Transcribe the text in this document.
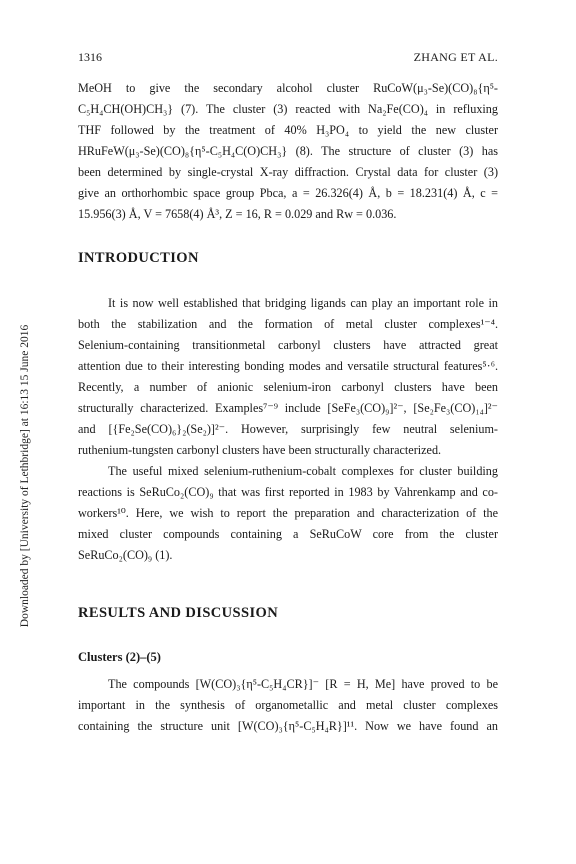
1316	ZHANG ET AL.
Downloaded by [University of Lethbridge] at 16:13 15 June 2016
MeOH to give the secondary alcohol cluster RuCoW(μ₃-Se)(CO)₈{η⁵-
C₅H₄CH(OH)CH₃} (7). The cluster (3) reacted with Na₂Fe(CO)₄ in refluxing
THF followed by the treatment of 40% H₃PO₄ to yield the new cluster
HRuFeW(μ₃-Se)(CO)₈{η⁵-C₅H₄C(O)CH₃} (8). The structure of cluster (3) has
been determined by single-crystal X-ray diffraction. Crystal data for cluster (3)
give an orthorhombic space group Pbca, a = 26.326(4) Å, b = 18.231(4) Å, c =
15.956(3) Å, V = 7658(4) Å³, Z = 16, R = 0.029 and Rw = 0.036.
INTRODUCTION
It is now well established that bridging ligands can play an important role in
both the stabilization and the formation of metal cluster complexes¹⁻⁴.
Selenium-containing transitionmetal carbonyl clusters have attracted great
attention due to their interesting bonding modes and versatile structural features⁵·⁶.
Recently, a number of anionic selenium-iron carbonyl clusters have been
structurally characterized. Examples⁷⁻⁹ include [SeFe₃(CO)₉]²⁻, [Se₂Fe₃(CO)₁₄]²⁻
and [{Fe₂Se(CO)₆}₂(Se₂)]²⁻. However, surprisingly few neutral selenium-
ruthenium-tungsten carbonyl clusters have been structurally characterized.
The useful mixed selenium-ruthenium-cobalt complexes for cluster building
reactions is SeRuCo₂(CO)₉ that was first reported in 1983 by Vahrenkamp and co-
workers¹⁰. Here, we wish to report the preparation and characterization of the
mixed cluster compounds containing a SeRuCoW core from the cluster
SeRuCo₂(CO)₉ (1).
RESULTS AND DISCUSSION
Clusters (2)–(5)
The compounds [W(CO)₃{η⁵-C₅H₄CR}]⁻ [R = H, Me] have proved to be
important in the synthesis of organometallic and metal cluster complexes
containing the structure unit [W(CO)₃{η⁵-C₅H₄R}]¹¹. Now we have found an
